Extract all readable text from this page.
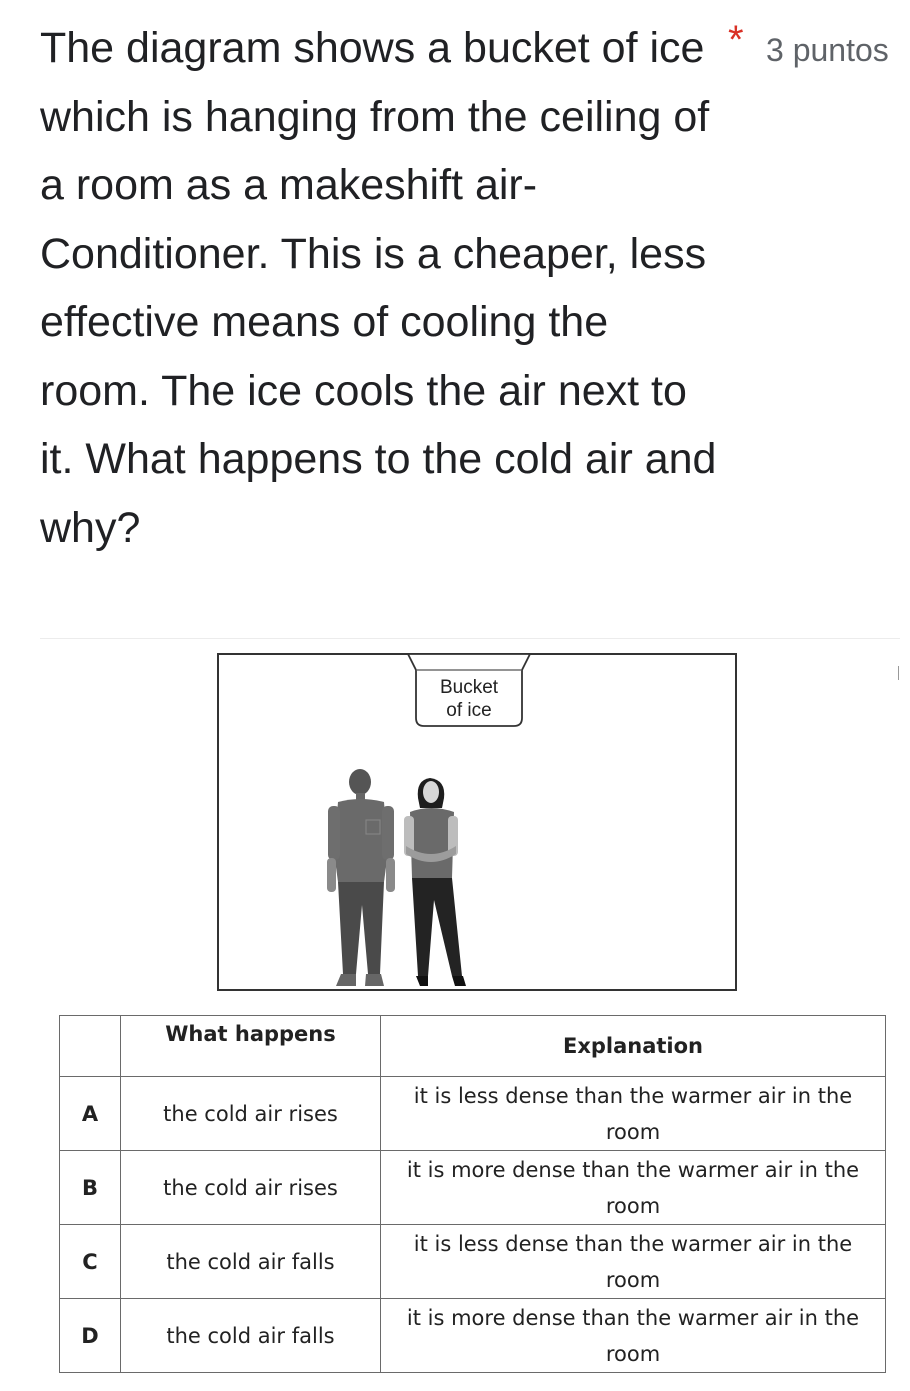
The diagram shows a bucket of ice which is hanging from the ceiling of a room as a makeshift air-Conditioner. This is a cheaper, less effective means of cooling the room. The ice cools the air next to it. What happens to the cold air and why?

* 3 puntos
Bucket
of ice
	What happens	Explanation
A	the cold air rises	it is less dense than the warmer air in the room
B	the cold air rises	it is more dense than the warmer air in the room
C	the cold air falls	it is less dense than the warmer air in the room
D	the cold air falls	it is more dense than the warmer air in the room
